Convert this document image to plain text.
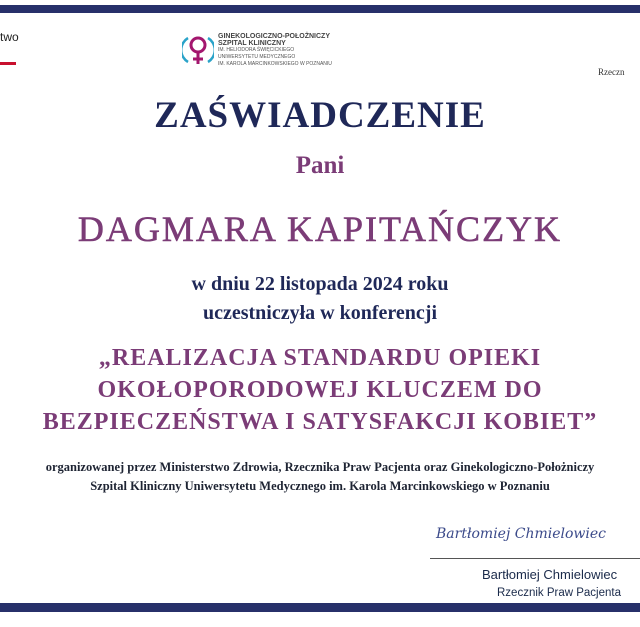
two	GINEKOLOGICZNO-POŁOŻNICZY
SZPITAL KLINICZNY
IM. HELIODORA ŚWIĘCICKIEGO
UNIWERSYTETU MEDYCZNEGO
IM. KAROLA MARCINKOWSKIEGO W POZNANIU
Rzeczn
ZAŚWIADCZENIE
Pani
DAGMARA KAPITAŃCZYK
w dniu 22 listopada 2024 roku
uczestniczyła w konferencji
„REALIZACJA STANDARDU OPIEKI
OKOŁOPORODOWEJ KLUCZEM DO
BEZPIECZEŃSTWA I SATYSFAKCJI KOBIET”
organizowanej przez Ministerstwo Zdrowia, Rzecznika Praw Pacjenta oraz Ginekologiczno-Położniczy
Szpital Kliniczny Uniwersytetu Medycznego im. Karola Marcinkowskiego w Poznaniu
Bartłomiej Chmielowiec
Bartłomiej Chmielowiec
Rzecznik Praw Pacjenta
